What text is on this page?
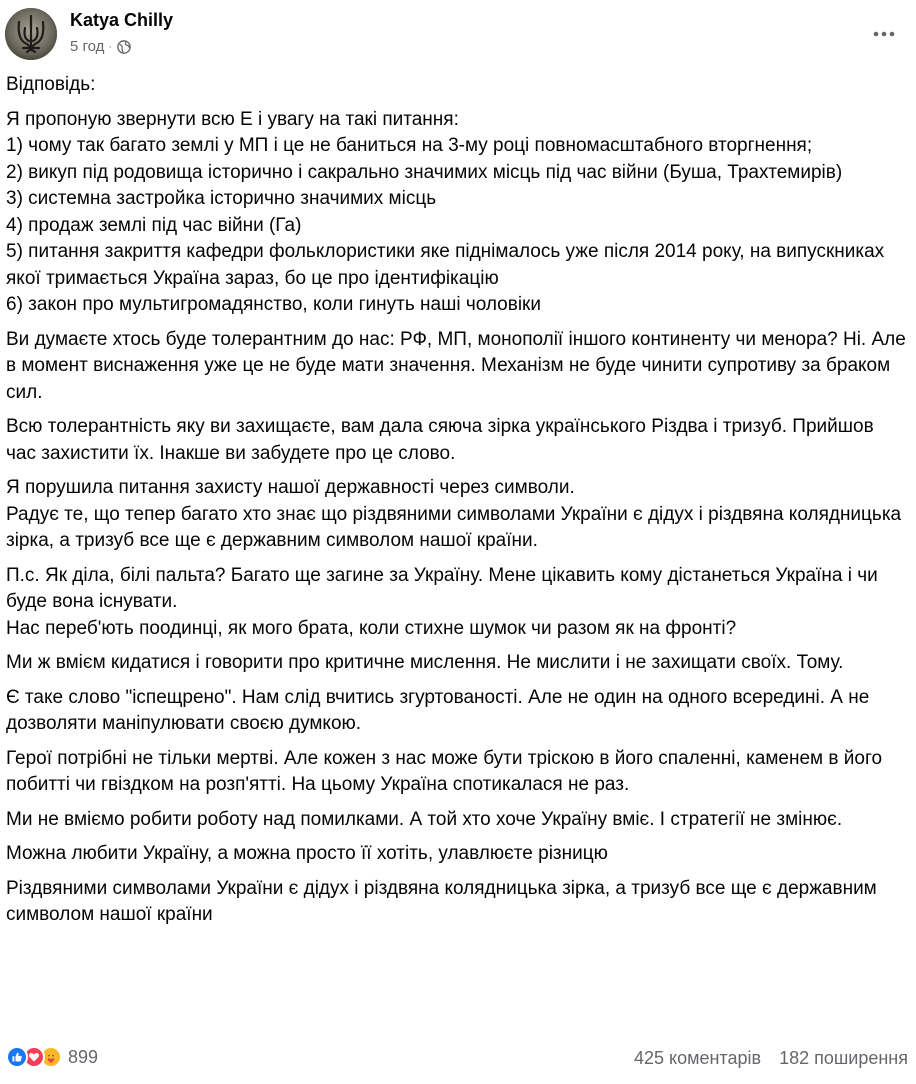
Katya Chilly
5 год ·

Відповідь:

Я пропоную звернути всю Е і увагу на такі питання:
1) чому так багато землі у МП і це не баниться на 3-му році повномасштабного вторгнення;
2) викуп під родовища історично і сакрально значимих місць під час війни (Буша, Трахтемирів)
3) системна застройка історично значимих місць
4) продаж землі під час війни (Га)
5) питання закриття кафедри фольклористики яке піднімалось уже після 2014 року, на випускниках якої тримається Україна зараз, бо це про ідентифікацію
6) закон про мультигромадянство, коли гинуть наші чоловіки

Ви думаєте хтось буде толерантним до нас: РФ, МП, монополії іншого континенту чи менора? Ні. Але в момент виснаження уже це не буде мати значення. Механізм не буде чинити супротиву за браком сил.

Всю толерантність яку ви захищаєте, вам дала сяюча зірка українського Різдва і тризуб. Прийшов час захистити їх. Інакше ви забудете про це слово.

Я порушила питання захисту нашої державності через символи.
Радує те, що тепер багато хто знає що різдвяними символами України є дідух і різдвяна колядницька зірка, а тризуб все ще є державним символом нашої країни.

П.с. Як діла, білі пальта? Багато ще загине за Україну. Мене цікавить кому дістанеться Україна і чи буде вона існувати.
Нас переб'ють поодинці, як мого брата, коли стихне шумок чи разом як на фронті?

Ми ж вмієм кидатися і говорити про критичне мислення. Не мислити і не захищати своїх. Тому.

Є таке слово "іспещрено". Нам слід вчитись згуртованості. Але не один на одного всередині. А не дозволяти маніпулювати своєю думкою.

Герої потрібні не тільки мертві. Але кожен з нас може бути тріскою в його спаленні, каменем в його побитті чи гвіздком на розп'ятті. На цьому Україна спотикалася не раз.

Ми не вміємо робити роботу над помилками. А той хто хоче Україну вміє. І стратегії не змінює.

Можна любити Україну, а можна просто її хотіть, улавлюєте різницю

Різдвяними символами України є дідух і різдвяна колядницька зірка, а тризуб все ще є державним символом нашої країни

899	425 коментарів 182 поширення
